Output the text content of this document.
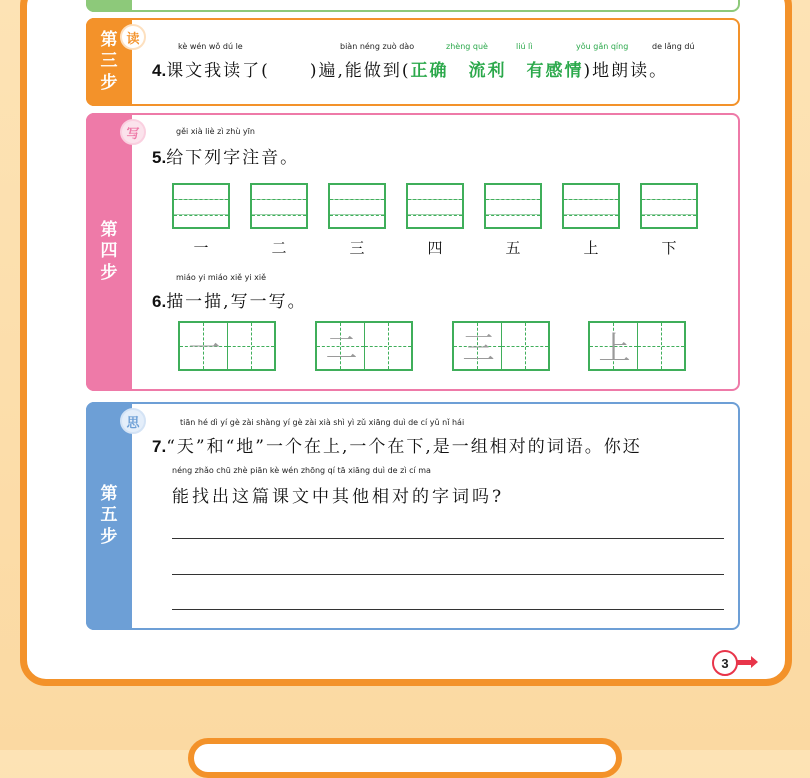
第三步
读	kè wén wǒ dú le	biàn néng zuò dào	zhèng què	liú lì	yǒu gǎn qíng	de lǎng dú
4.课文我读了( )遍,能做到(正确 流利 有感情)地朗读。
第四步
写	gěi xià liè zì zhù yīn
5.给下列字注音。
一	二	三	四	五	上	下
miáo yi miáo xiě yi xiě
6.描一描,写一写。
一	二	三	上
第五步
思	tiān hé dì yí gè zài shàng yí gè zài xià shì yì zǔ xiāng duì de cí yǔ nǐ hái
7.“天”和“地”一个在上,一个在下,是一组相对的词语。你还
néng zhǎo chū zhè piān kè wén zhōng qí tā xiāng duì de zì cí ma
能找出这篇课文中其他相对的字词吗?
3
